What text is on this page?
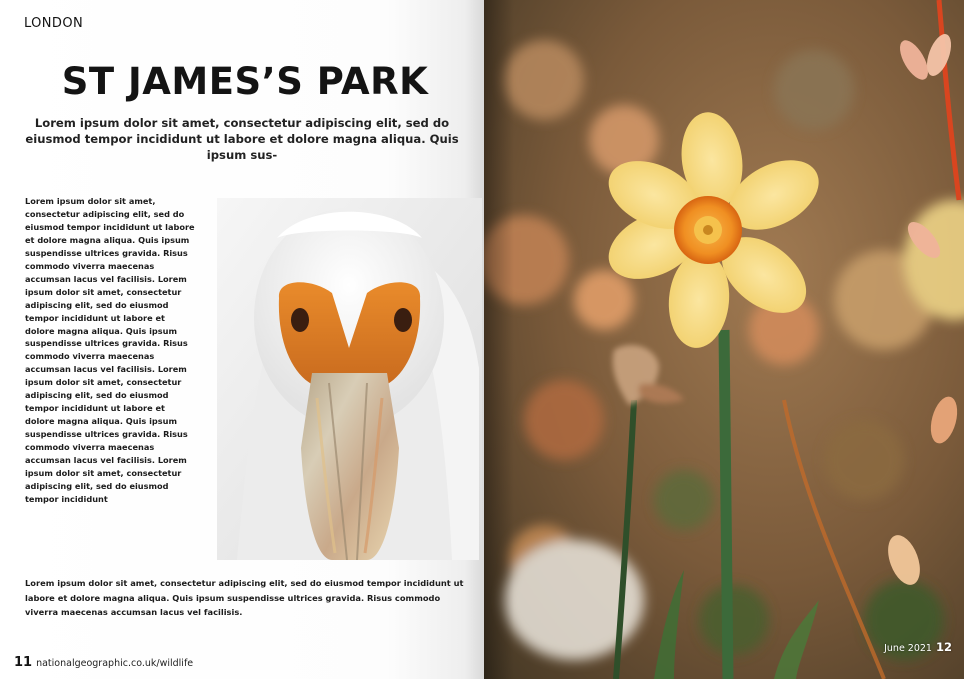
LONDON
ST JAMES’S PARK
Lorem ipsum dolor sit amet, consectetur adipiscing elit, sed do eiusmod tempor incididunt ut labore et dolore magna aliqua. Quis ipsum sus-
Lorem ipsum dolor sit amet, consectetur adipiscing elit, sed do eiusmod tempor incididunt ut labore et dolore magna aliqua. Quis ipsum suspendisse ultrices gravida. Risus commodo viverra maecenas accumsan lacus vel facilisis. Lorem ipsum dolor sit amet, consectetur adipiscing elit, sed do eiusmod tempor incididunt ut labore et dolore magna aliqua. Quis ipsum suspendisse ultrices gravida. Risus commodo viverra maecenas accumsan lacus vel facilisis. Lorem ipsum dolor sit amet, consectetur adipiscing elit, sed do eiusmod tempor incididunt ut labore et dolore magna aliqua. Quis ipsum suspendisse ultrices gravida. Risus commodo viverra maecenas accumsan lacus vel facilisis. Lorem ipsum dolor sit amet, consectetur adipiscing elit, sed do eiusmod tempor incididunt
Lorem ipsum dolor sit amet, consectetur adipiscing elit, sed do eiusmod tempor incididunt ut labore et dolore magna aliqua. Quis ipsum suspendisse ultrices gravida. Risus commodo viverra maecenas accumsan lacus vel facilisis.
11 nationalgeographic.co.uk/wildlife
June 2021 12
